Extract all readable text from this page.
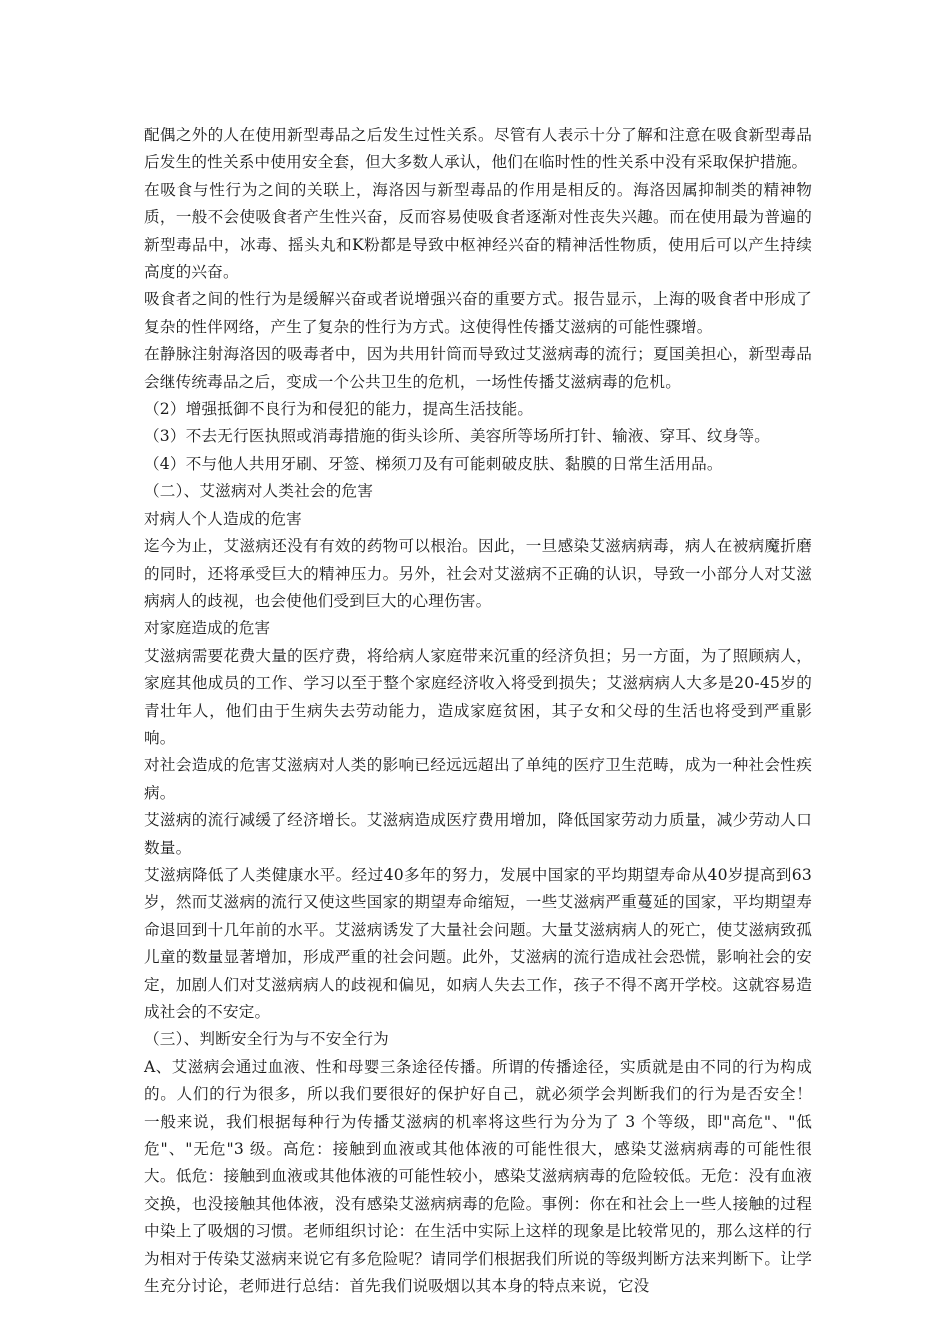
配偶之外的人在使用新型毒品之后发生过性关系。尽管有人表示十分了解和注意在吸食新型毒品后发生的性关系中使用安全套，但大多数人承认，他们在临时性的性关系中没有采取保护措施。

在吸食与性行为之间的关联上，海洛因与新型毒品的作用是相反的。海洛因属抑制类的精神物质，一般不会使吸食者产生性兴奋，反而容易使吸食者逐渐对性丧失兴趣。而在使用最为普遍的新型毒品中，冰毒、摇头丸和K粉都是导致中枢神经兴奋的精神活性物质，使用后可以产生持续高度的兴奋。

吸食者之间的性行为是缓解兴奋或者说增强兴奋的重要方式。报告显示，上海的吸食者中形成了复杂的性伴网络，产生了复杂的性行为方式。这使得性传播艾滋病的可能性骤增。

在静脉注射海洛因的吸毒者中，因为共用针筒而导致过艾滋病毒的流行；夏国美担心，新型毒品会继传统毒品之后，变成一个公共卫生的危机，一场性传播艾滋病毒的危机。

（2）增强抵御不良行为和侵犯的能力，提高生活技能。

（3）不去无行医执照或消毒措施的街头诊所、美容所等场所打针、输液、穿耳、纹身等。

（4）不与他人共用牙刷、牙签、梯须刀及有可能刺破皮肤、黏膜的日常生活用品。

（二）、艾滋病对人类社会的危害

对病人个人造成的危害

迄今为止，艾滋病还没有有效的药物可以根治。因此，一旦感染艾滋病病毒，病人在被病魔折磨的同时，还将承受巨大的精神压力。另外，社会对艾滋病不正确的认识，导致一小部分人对艾滋病病人的歧视，也会使他们受到巨大的心理伤害。

对家庭造成的危害

艾滋病需要花费大量的医疗费，将给病人家庭带来沉重的经济负担；另一方面，为了照顾病人，家庭其他成员的工作、学习以至于整个家庭经济收入将受到损失；艾滋病病人大多是20-45岁的青壮年人，他们由于生病失去劳动能力，造成家庭贫困，其子女和父母的生活也将受到严重影响。

对社会造成的危害艾滋病对人类的影响已经远远超出了单纯的医疗卫生范畴，成为一种社会性疾病。

艾滋病的流行减缓了经济增长。艾滋病造成医疗费用增加，降低国家劳动力质量，减少劳动人口数量。

艾滋病降低了人类健康水平。经过40多年的努力，发展中国家的平均期望寿命从40岁提高到63岁，然而艾滋病的流行又使这些国家的期望寿命缩短，一些艾滋病严重蔓延的国家，平均期望寿命退回到十几年前的水平。艾滋病诱发了大量社会问题。大量艾滋病病人的死亡，使艾滋病致孤儿童的数量显著增加，形成严重的社会问题。此外，艾滋病的流行造成社会恐慌，影响社会的安定，加剧人们对艾滋病病人的歧视和偏见，如病人失去工作，孩子不得不离开学校。这就容易造成社会的不安定。

（三）、判断安全行为与不安全行为

A、艾滋病会通过血液、性和母婴三条途径传播。所谓的传播途径，实质就是由不同的行为构成的。人们的行为很多，所以我们要很好的保护好自己，就必须学会判断我们的行为是否安全！ 一般来说，我们根据每种行为传播艾滋病的机率将这些行为分为了 3 个等级，即"高危"、"低危"、"无危"3 级。高危：接触到血液或其他体液的可能性很大，感染艾滋病病毒的可能性很大。低危：接触到血液或其他体液的可能性较小，感染艾滋病病毒的危险较低。无危：没有血液交换，也没接触其他体液，没有感染艾滋病病毒的危险。事例：你在和社会上一些人接触的过程中染上了吸烟的习惯。老师组织讨论：在生活中实际上这样的现象是比较常见的，那么这样的行为相对于传染艾滋病来说它有多危险呢？请同学们根据我们所说的等级判断方法来判断下。让学生充分讨论，老师进行总结：首先我们说吸烟以其本身的特点来说，它没
